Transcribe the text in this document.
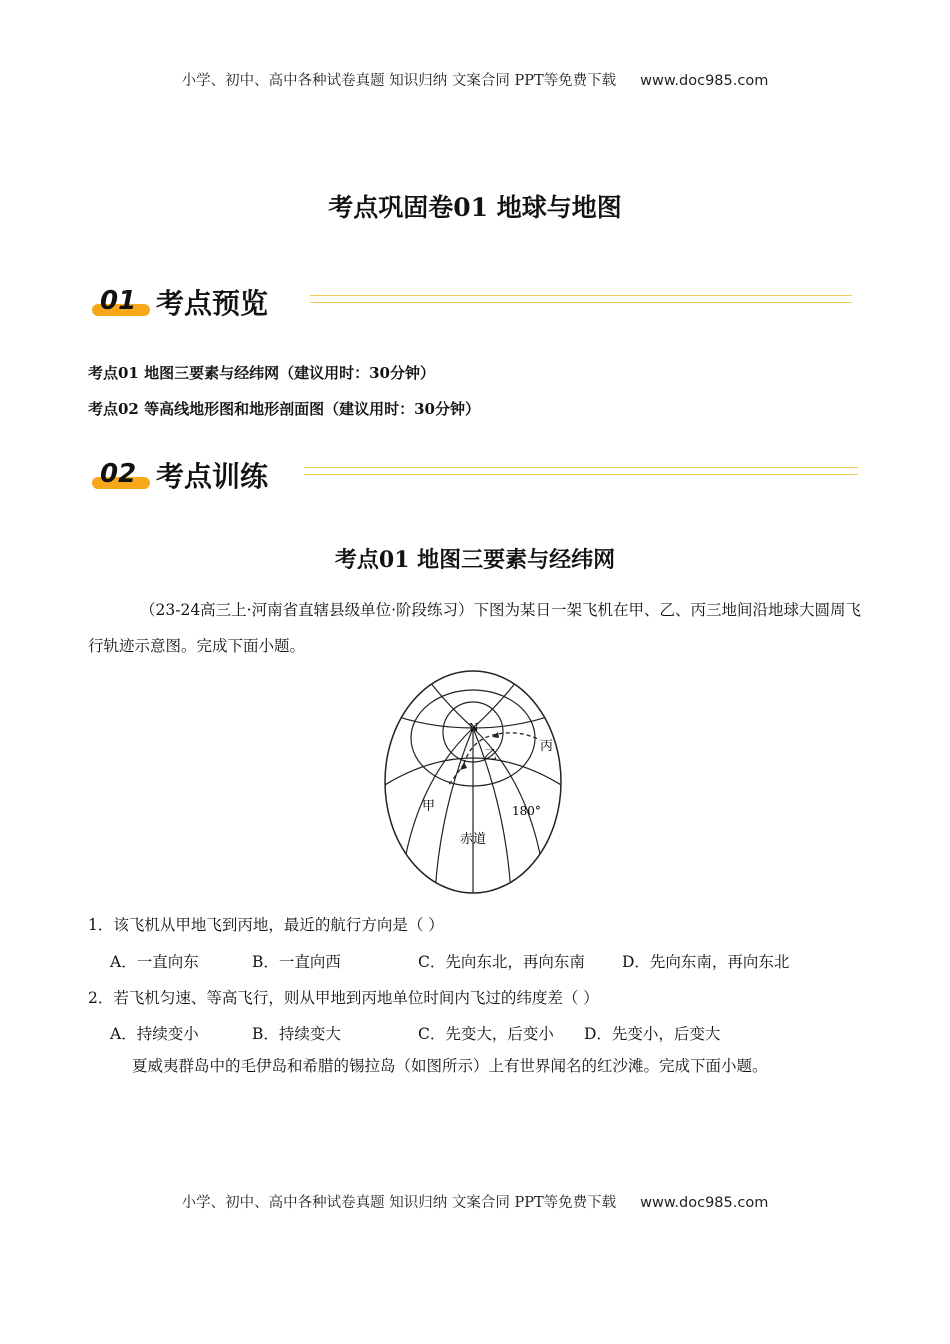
小学、初中、高中各种试卷真题 知识归纳 文案合同 PPT等免费下载 www.doc985.com
考点巩固卷01 地球与地图
01 考点预览
考点01 地图三要素与经纬网（建议用时：30分钟）
考点02 等高线地形图和地形剖面图（建议用时：30分钟）
02 考点训练
考点01 地图三要素与经纬网
（23-24高三上·河南省直辖县级单位·阶段练习）下图为某日一架飞机在甲、乙、丙三地间沿地球大圆周飞行轨迹示意图。完成下面小题。
N
甲
乙
丙
180°
赤道
1．该飞机从甲地飞到丙地，最近的航行方向是（ ）
A．一直向东	B．一直向西	C．先向东北，再向东南 D．先向东南，再向东北
2．若飞机匀速、等高飞行，则从甲地到丙地单位时间内飞过的纬度差（ ）
A．持续变小	B．持续变大	C．先变大，后变小 D．先变小，后变大
夏威夷群岛中的毛伊岛和希腊的锡拉岛（如图所示）上有世界闻名的红沙滩。完成下面小题。
小学、初中、高中各种试卷真题 知识归纳 文案合同 PPT等免费下载 www.doc985.com
